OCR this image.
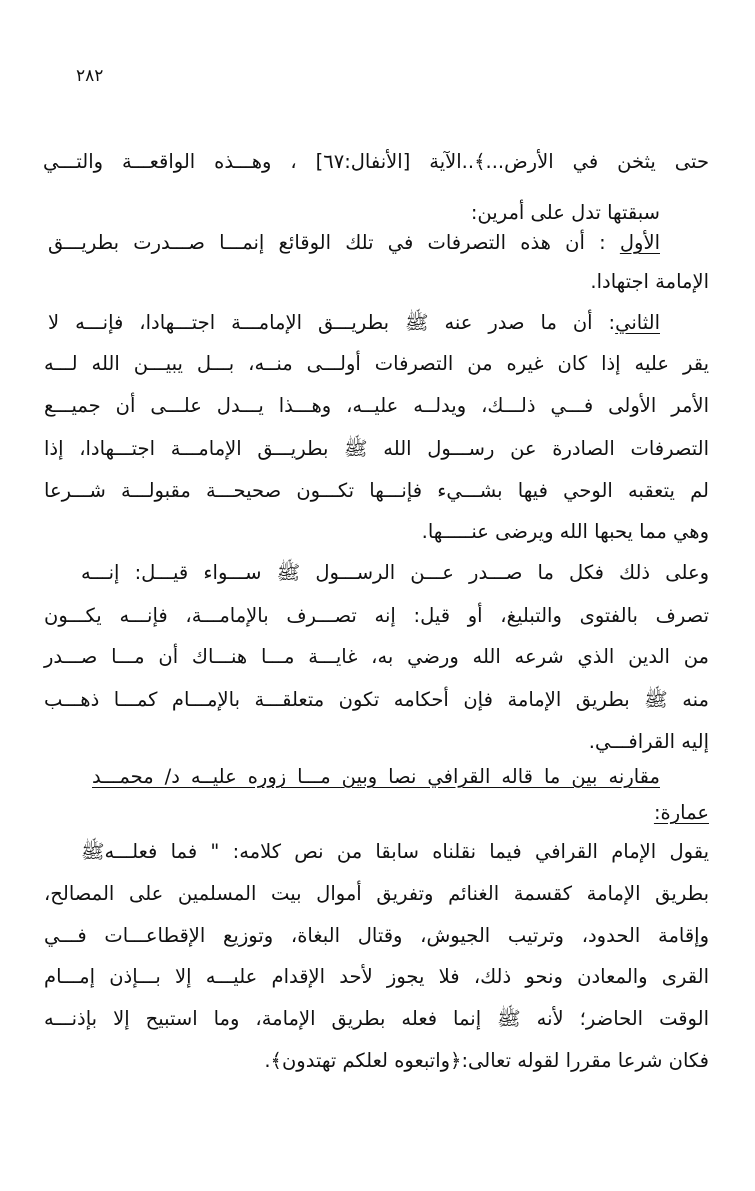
٢٨٢
حتى يثخن في الأرض...﴾..الآية [الأنفال:٦٧] ، وهـــذه الواقعـــة والتـــي
سبقتها تدل على أمرين:
الأول : أن هذه التصرفات في تلك الوقائع إنمـــا صـــدرت بطريـــق
الإمامة اجتهادا.
الثاني: أن ما صدر عنه ﷺ بطريـــق الإمامـــة اجتـــهادا، فإنـــه لا
يقر عليه إذا كان غيره من التصرفات أولـــى منــه، بـــل يبيـــن الله لـــه
الأمر الأولى فـــي ذلـــك، ويدلــه عليــه، وهـــذا يـــدل علـــى أن جميـــع
التصرفات الصادرة عن رســـول الله ﷺ بطريـــق الإمامـــة اجتـــهادا، إذا
لم يتعقبه الوحي فيها بشـــيء فإنـــها تكـــون صحيحـــة مقبولـــة شـــرعا
وهي مما يحبها الله ويرضى عنـــــها.
وعلى ذلك فكل ما صـــدر عـــن الرســـول ﷺ ســـواء قيـــل: إنـــه
تصرف بالفتوى والتبليغ، أو قيل: إنه تصـــرف بالإمامـــة، فإنـــه يكـــون
من الدين الذي شرعه الله ورضي به، غايـــة مـــا هنـــاك أن مـــا صـــدر
منه ﷺ بطريق الإمامة فإن أحكامه تكون متعلقـــة بالإمـــام كمـــا ذهـــب
إليه القرافـــي.
مقارنه بين ما قاله القرافي نصا وبين مـــا زوره عليــه د/ محمـــد
عمارة:
يقول الإمام القرافي فيما نقلناه سابقا من نص كلامه: " فما فعلـــهﷺ
بطريق الإمامة كقسمة الغنائم وتفريق أموال بيت المسلمين على المصالح،
وإقامة الحدود، وترتيب الجيوش، وقتال البغاة، وتوزيع الإقطاعـــات فـــي
القرى والمعادن ونحو ذلك، فلا يجوز لأحد الإقدام عليـــه إلا بـــإذن إمـــام
الوقت الحاضر؛ لأنه ﷺ إنما فعله بطريق الإمامة، وما استبيح إلا بإذنـــه
فكان شرعا مقررا لقوله تعالى:﴿واتبعوه لعلكم تهتدون﴾.
